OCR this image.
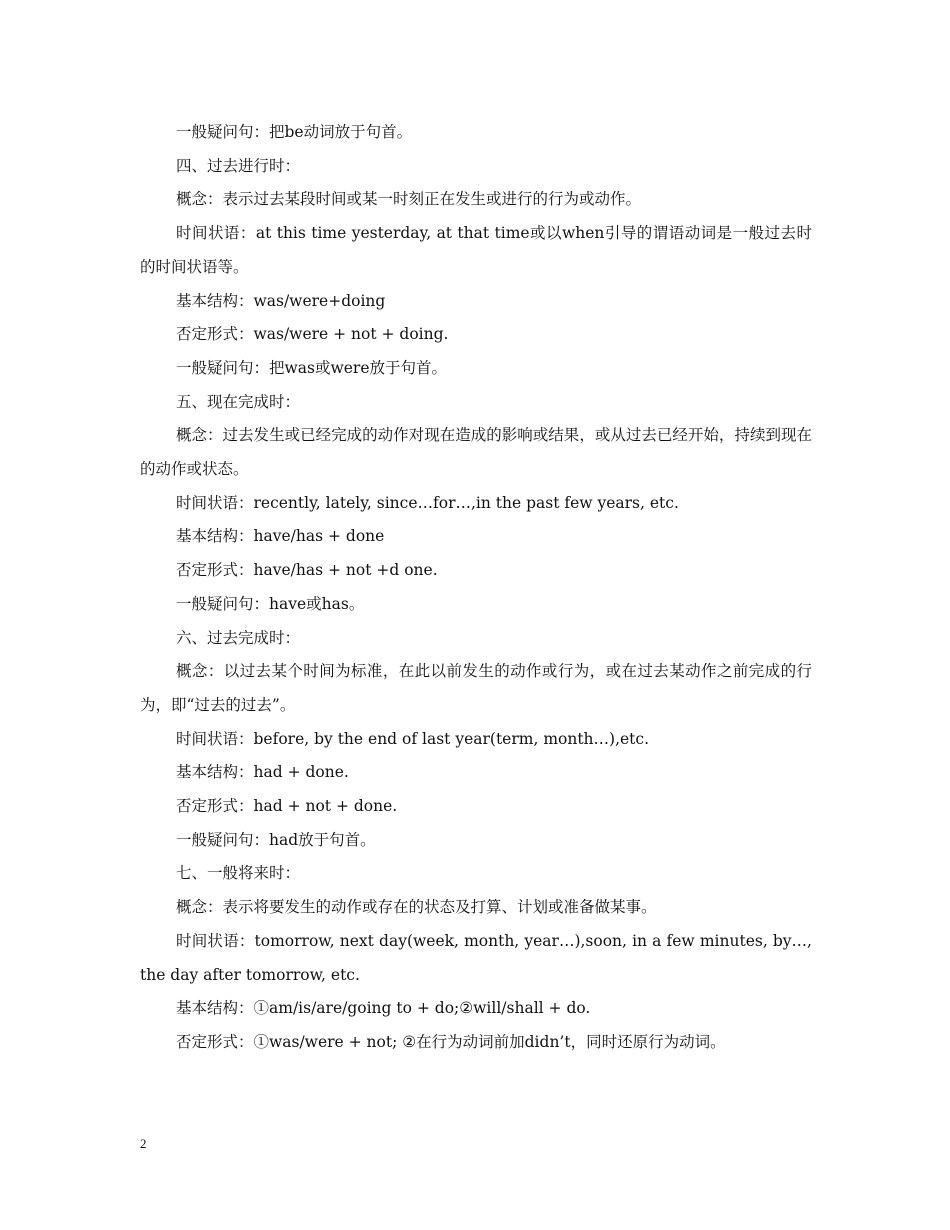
一般疑问句：把be动词放于句首。

四、过去进行时：

概念：表示过去某段时间或某一时刻正在发生或进行的行为或动作。

时间状语：at this time yesterday, at that time或以when引导的谓语动词是一般过去时的时间状语等。

基本结构：was/were+doing

否定形式：was/were + not + doing.

一般疑问句：把was或were放于句首。

五、现在完成时：

概念：过去发生或已经完成的动作对现在造成的影响或结果，或从过去已经开始，持续到现在的动作或状态。

时间状语：recently, lately, since…for…,in the past few years, etc.

基本结构：have/has + done

否定形式：have/has + not +d one.

一般疑问句：have或has。

六、过去完成时：

概念：以过去某个时间为标准，在此以前发生的动作或行为，或在过去某动作之前完成的行为，即“过去的过去”。

时间状语：before, by the end of last year(term, month…),etc.

基本结构：had + done.

否定形式：had + not + done.

一般疑问句：had放于句首。

七、一般将来时：

概念：表示将要发生的动作或存在的状态及打算、计划或准备做某事。

时间状语：tomorrow, next day(week, month, year…),soon, in a few minutes, by…,the day after tomorrow, etc.

基本结构：①am/is/are/going to + do;②will/shall + do.

否定形式：①was/were + not; ②在行为动词前加didn’t，同时还原行为动词。

2
